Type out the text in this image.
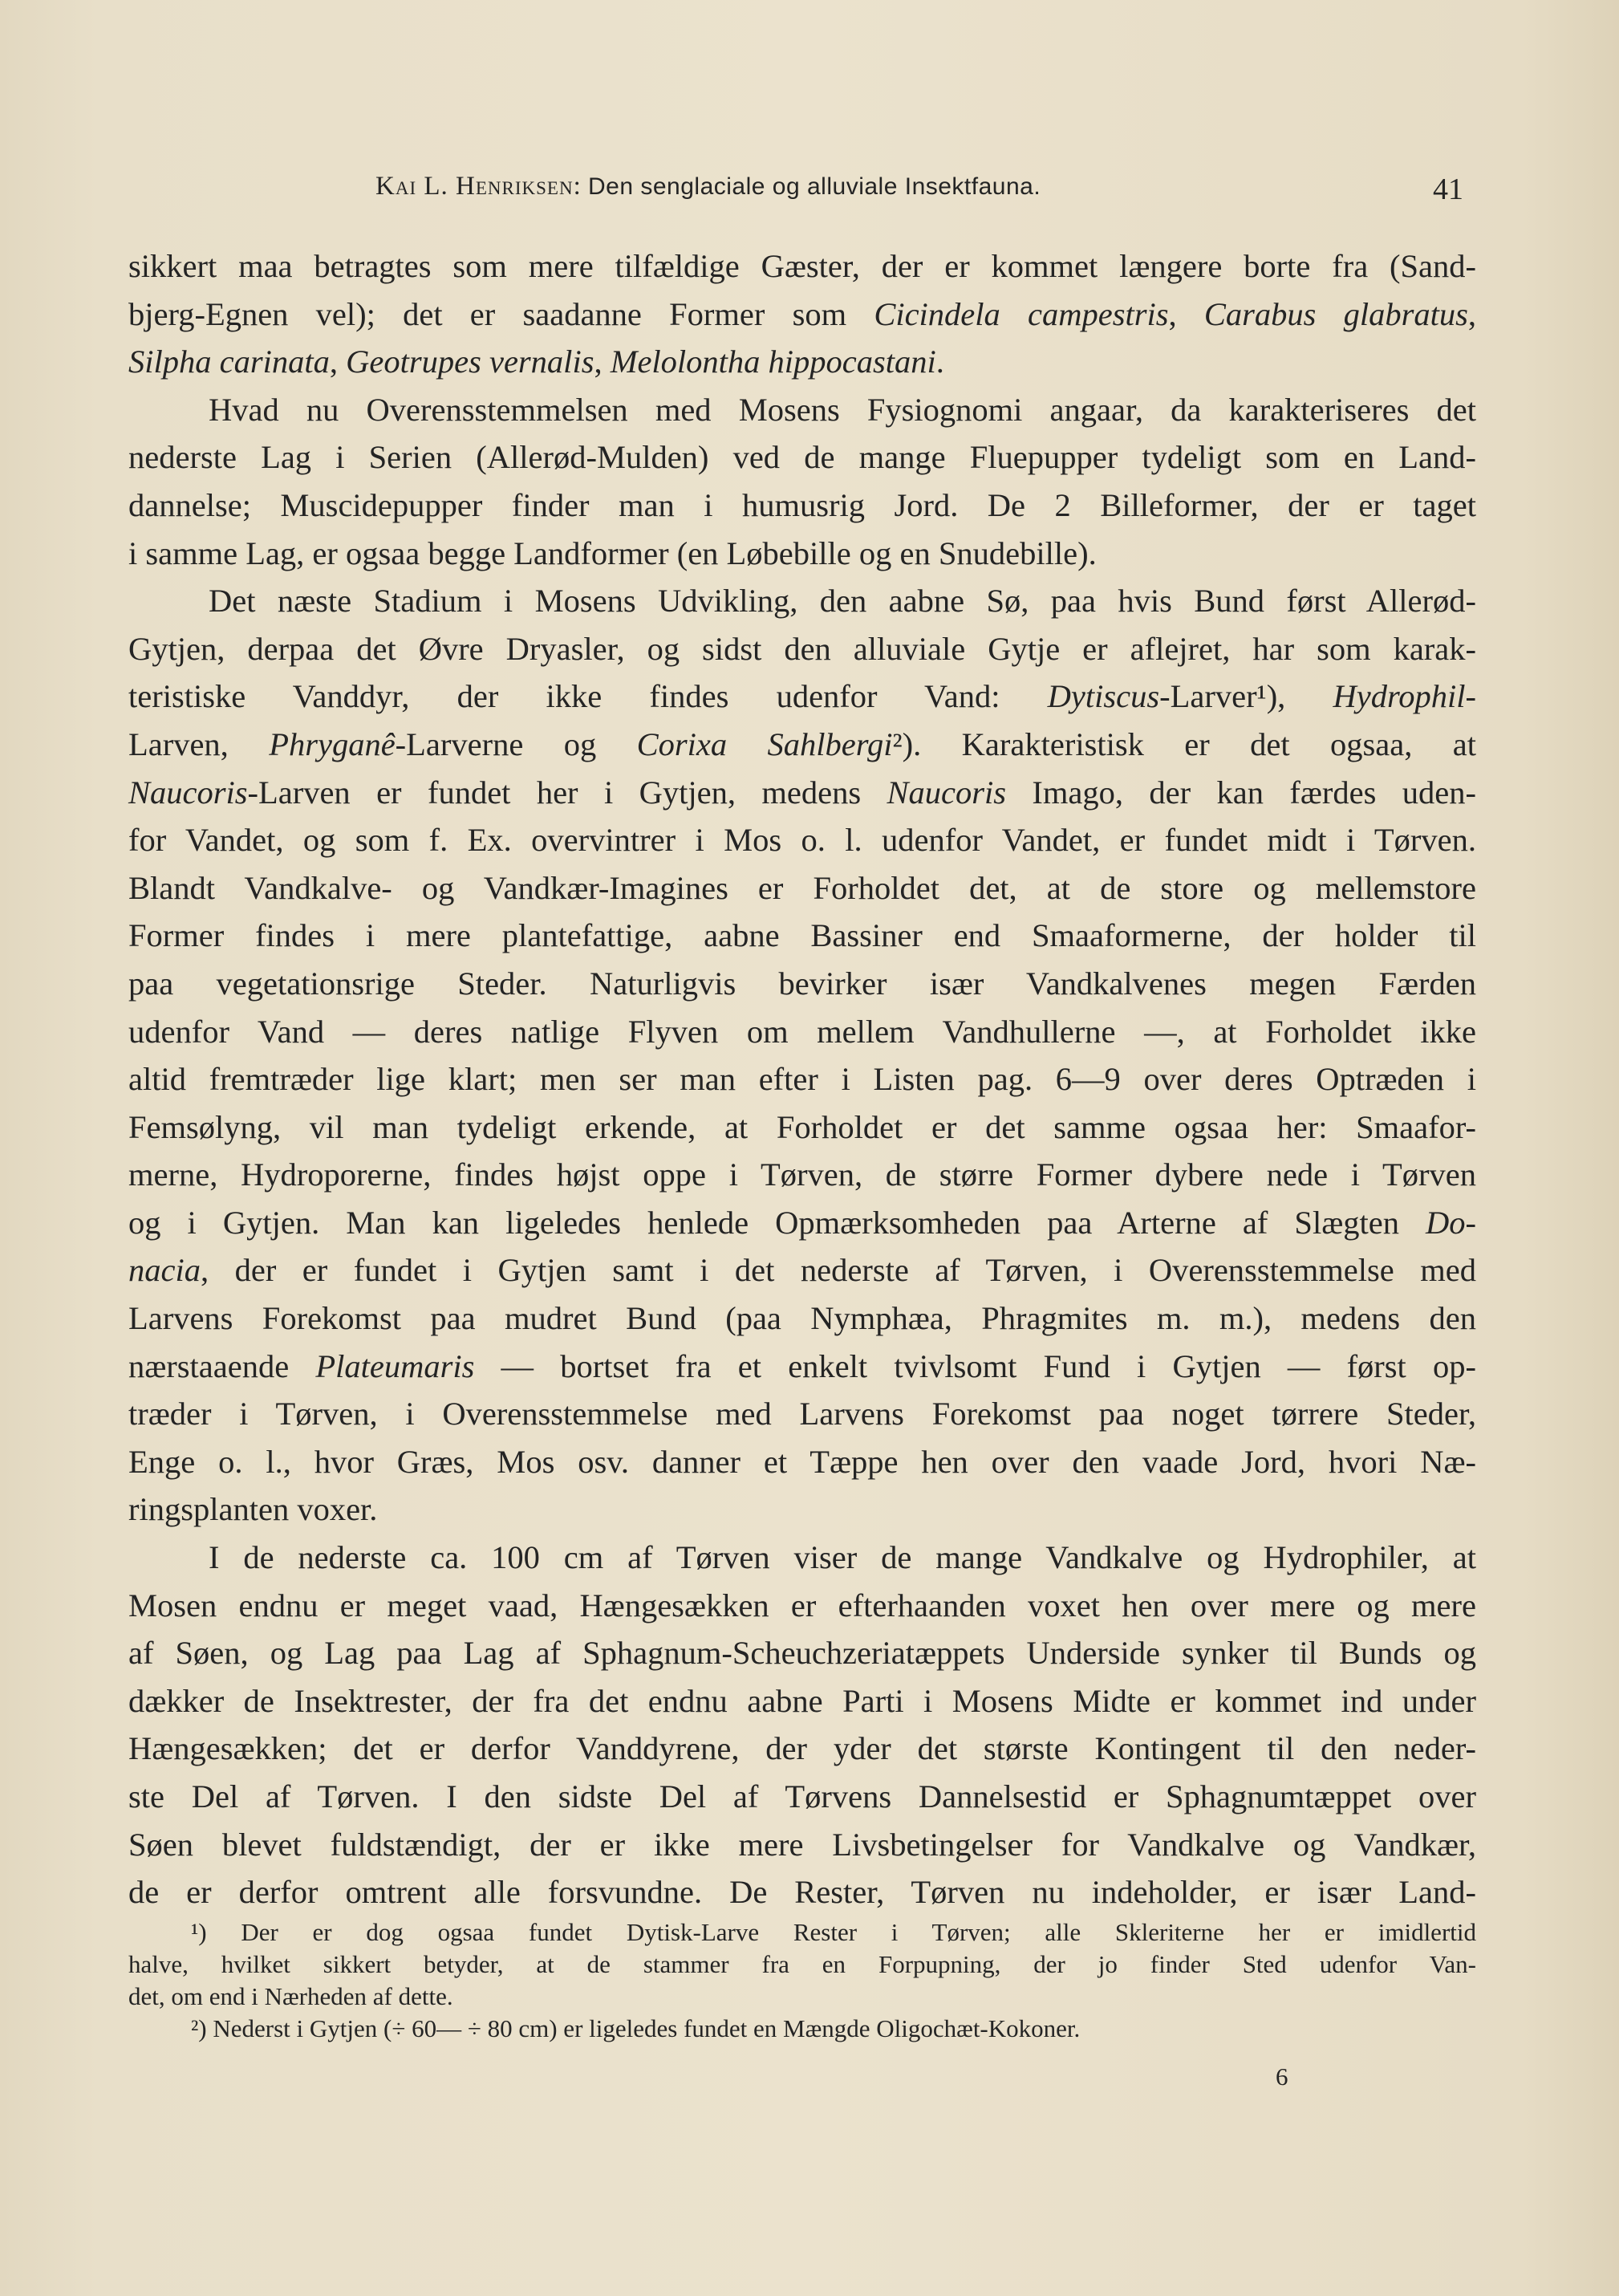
Kai L. Henriksen: Den senglaciale og alluviale Insektfauna.	41
sikkert maa betragtes som mere tilfældige Gæster, der er kommet længere borte fra (Sand-
bjerg-Egnen vel); det er saadanne Former som Cicindela campestris, Carabus glabratus,
Silpha carinata, Geotrupes vernalis, Melolontha hippocastani.
Hvad nu Overensstemmelsen med Mosens Fysiognomi angaar, da karakteriseres det
nederste Lag i Serien (Allerød-Mulden) ved de mange Fluepupper tydeligt som en Land-
dannelse; Muscidepupper finder man i humusrig Jord. De 2 Billeformer, der er taget
i samme Lag, er ogsaa begge Landformer (en Løbebille og en Snudebille).
Det næste Stadium i Mosens Udvikling, den aabne Sø, paa hvis Bund først Allerød-
Gytjen, derpaa det Øvre Dryasler, og sidst den alluviale Gytje er aflejret, har som karak-
teristiske Vanddyr, der ikke findes udenfor Vand: Dytiscus-Larver¹), Hydrophil-
Larven, Phryganê-Larverne og Corixa Sahlbergi²). Karakteristisk er det ogsaa, at
Naucoris-Larven er fundet her i Gytjen, medens Naucoris Imago, der kan færdes uden-
for Vandet, og som f. Ex. overvintrer i Mos o. l. udenfor Vandet, er fundet midt i Tørven.
Blandt Vandkalve- og Vandkær-Imagines er Forholdet det, at de store og mellemstore
Former findes i mere plantefattige, aabne Bassiner end Smaaformerne, der holder til
paa vegetationsrige Steder. Naturligvis bevirker især Vandkalvenes megen Færden
udenfor Vand — deres natlige Flyven om mellem Vandhullerne —, at Forholdet ikke
altid fremtræder lige klart; men ser man efter i Listen pag. 6—9 over deres Optræden i
Femsølyng, vil man tydeligt erkende, at Forholdet er det samme ogsaa her: Smaafor-
merne, Hydroporerne, findes højst oppe i Tørven, de større Former dybere nede i Tørven
og i Gytjen. Man kan ligeledes henlede Opmærksomheden paa Arterne af Slægten Do-
nacia, der er fundet i Gytjen samt i det nederste af Tørven, i Overensstemmelse med
Larvens Forekomst paa mudret Bund (paa Nymphæa, Phragmites m. m.), medens den
nærstaaende Plateumaris — bortset fra et enkelt tvivlsomt Fund i Gytjen — først op-
træder i Tørven, i Overensstemmelse med Larvens Forekomst paa noget tørrere Steder,
Enge o. l., hvor Græs, Mos osv. danner et Tæppe hen over den vaade Jord, hvori Næ-
ringsplanten voxer.
I de nederste ca. 100 cm af Tørven viser de mange Vandkalve og Hydrophiler, at
Mosen endnu er meget vaad, Hængesækken er efterhaanden voxet hen over mere og mere
af Søen, og Lag paa Lag af Sphagnum-Scheuchzeriatæppets Underside synker til Bunds og
dækker de Insektrester, der fra det endnu aabne Parti i Mosens Midte er kommet ind under
Hængesækken; det er derfor Vanddyrene, der yder det største Kontingent til den neder-
ste Del af Tørven. I den sidste Del af Tørvens Dannelsestid er Sphagnumtæppet over
Søen blevet fuldstændigt, der er ikke mere Livsbetingelser for Vandkalve og Vandkær,
de er derfor omtrent alle forsvundne. De Rester, Tørven nu indeholder, er især Land-
¹) Der er dog ogsaa fundet Dytisk-Larve Rester i Tørven; alle Skleriterne her er imidlertid
halve, hvilket sikkert betyder, at de stammer fra en Forpupning, der jo finder Sted udenfor Van-
det, om end i Nærheden af dette.
²) Nederst i Gytjen (÷ 60— ÷ 80 cm) er ligeledes fundet en Mængde Oligochæt-Kokoner.
6
